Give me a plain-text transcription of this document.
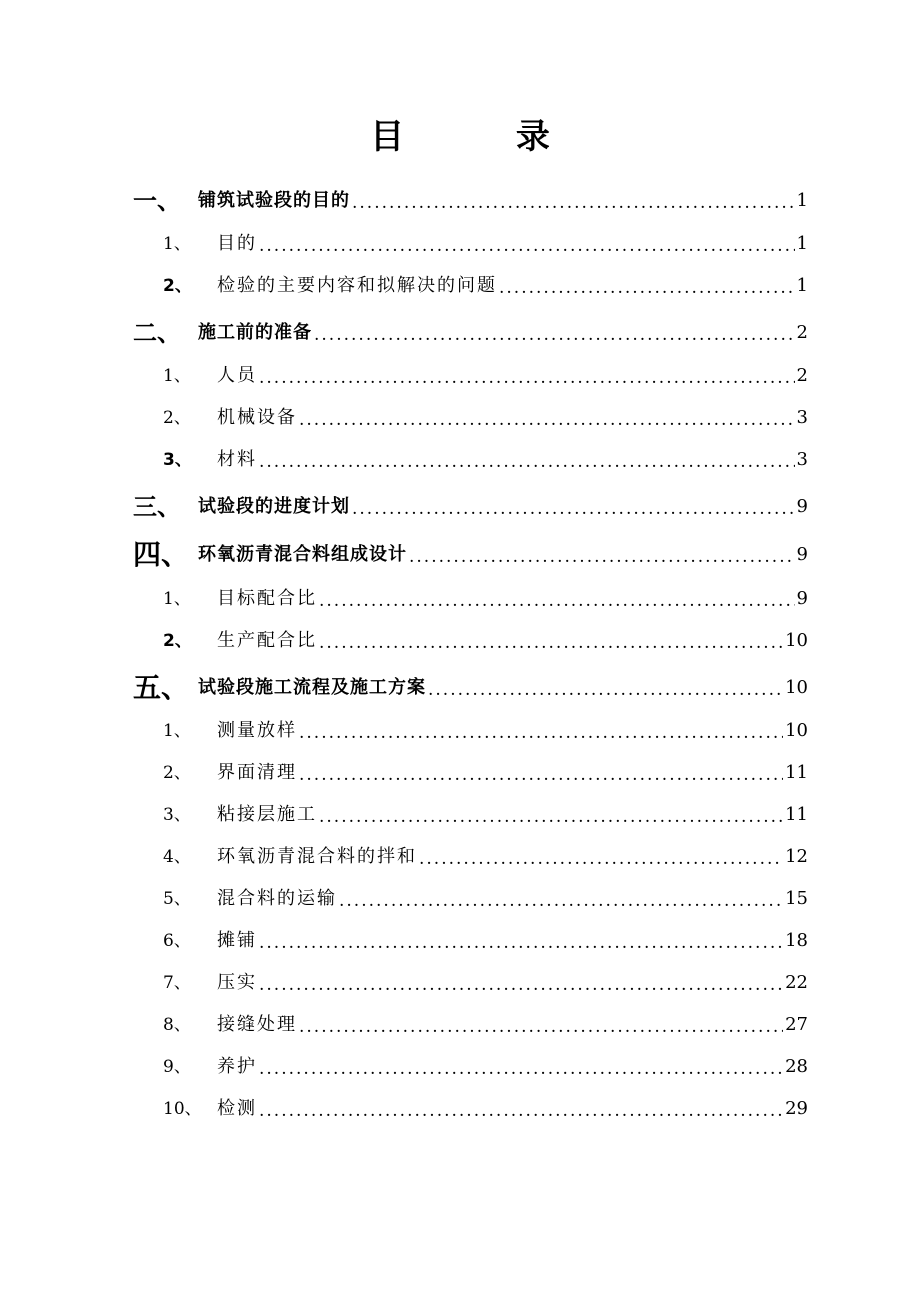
目 录
一、 铺筑试验段的目的 .....	1
1、 目的 .....	1
2、 检验的主要内容和拟解决的问题 .....	1
二、 施工前的准备 .....	2
1、 人员 .....	2
2、 机械设备 .....	3
3、 材料 .....	3
三、 试验段的进度计划 .....	9
四、 环氧沥青混合料组成设计 .....	9
1、 目标配合比 .....	9
2、 生产配合比 .....	10
五、 试验段施工流程及施工方案 .....	10
1、 测量放样 .....	10
2、 界面清理 .....	11
3、 粘接层施工 .....	11
4、 环氧沥青混合料的拌和 .....	12
5、 混合料的运输 .....	15
6、 摊铺 .....	18
7、 压实 .....	22
8、 接缝处理 .....	27
9、 养护 .....	28
10、 检测 .....	29
